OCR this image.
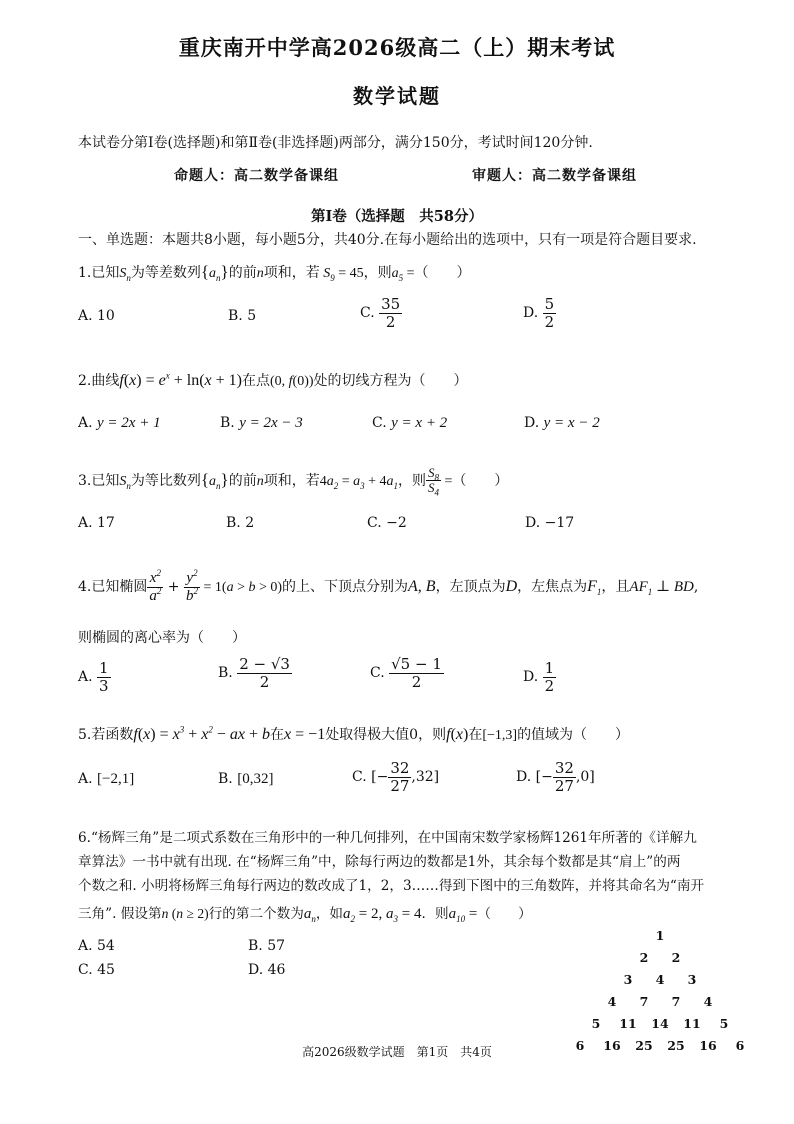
重庆南开中学高2026级高二（上）期末考试
数学试题
本试卷分第Ⅰ卷(选择题)和第Ⅱ卷(非选择题)两部分，满分150分，考试时间120分钟.
命题人：高二数学备课组	审题人：高二数学备课组
第Ⅰ卷（选择题　共58分）
一、单选题：本题共8小题，每小题5分，共40分.在每小题给出的选项中，只有一项是符合题目要求.
1.已知$S_n$为等差数列$\{a_n\}$的前n项和，若 $S_9 = 45$，则$a_5$ =（　　）
A. 10	B. 5	C. $\frac{35}{2}$	D. $\frac{5}{2}$
2.曲线$f(x) = e^x + \ln(x + 1)$在点(0, f(0))处的切线方程为（　　）
A. y = 2x + 1	B. y = 2x − 3	C. y = x + 2	D. y = x − 2
3.已知$S_n$为等比数列$\{a_n\}$的前n项和，若$4a_2 = a_3 + 4a_1$，则 $\frac{S_8}{S_4}$ =（　　）
A. 17	B. 2	C. −2	D. −17
4.已知椭圆 $\frac{x^2}{a^2} + \frac{y^2}{b^2} = 1(a > b > 0)$的上、下顶点分别为A, B，左顶点为D，左焦点为$F_1$，且$AF_1$ ⊥ BD,
则椭圆的离心率为（　　）
A. $\frac{1}{3}$	B. $\frac{2 - √3}{2}$	C. $\frac{√5 - 1}{2}$	D. $\frac{1}{2}$
5.若函数$f(x) = x^3 + x^2$ − ax + b在x = −1处取得极大值0，则f(x)在[−1,3]的值域为（　　）
A. [−2,1]	B. [0,32]	C. [− $\frac{32}{27} ,32$]	D. [− $\frac{32}{27} ,0$]
6.“杨辉三角”是二项式系数在三角形中的一种几何排列，在中国南宋数学家杨辉1261年所著的《详解九
章算法》一书中就有出现. 在“杨辉三角”中，除每行两边的数都是1外，其余每个数都是其“肩上”的两
个数之和. 小明将杨辉三角每行两边的数改成了1，2，3……得到下图中的三角数阵，并将其命名为“南开
三角”. 假设第n (n ≥ 2)行的第二个数为$a_n$，如$a_2 = 2$, $a_3 = 4$．则$a_{10}$ =（　　）
A. 54	B. 57
C. 45	D. 46
1
2	2
3	4	3
4	7	7	4
5	11 14 11	5
6	16 25 25 16	6
高2026级数学试题　第1页　共4页
